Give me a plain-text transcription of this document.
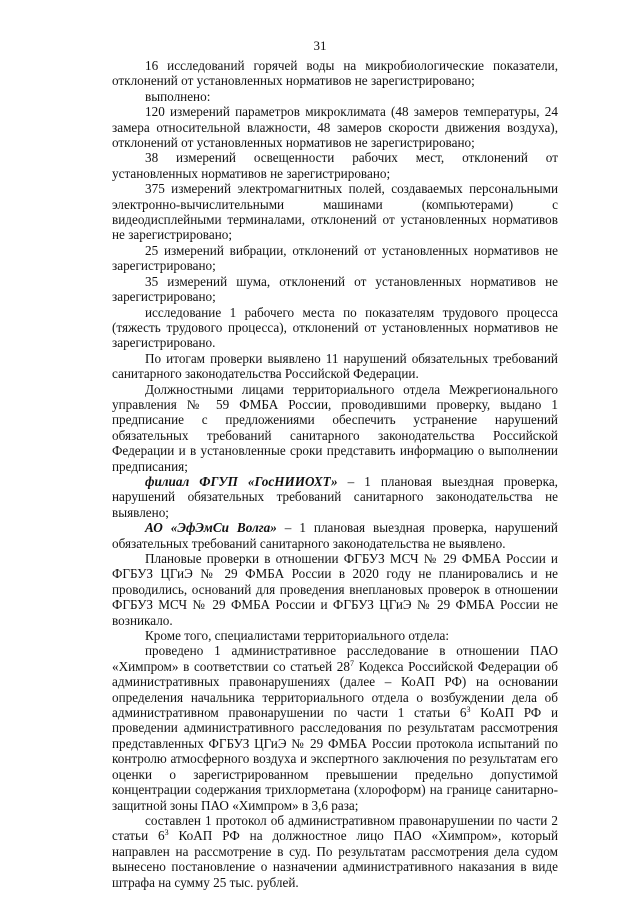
31

16 исследований горячей воды на микробиологические показатели, отклонений от установленных нормативов не зарегистрировано;

выполнено:

120 измерений параметров микроклимата (48 замеров температуры, 24 замера относительной влажности, 48 замеров скорости движения воздуха), отклонений от установленных нормативов не зарегистрировано;

38 измерений освещенности рабочих мест, отклонений от установленных нормативов не зарегистрировано;

375 измерений электромагнитных полей, создаваемых персональными электронно-вычислительными машинами (компьютерами) с видеодисплейными терминалами, отклонений от установленных нормативов не зарегистрировано;

25 измерений вибрации, отклонений от установленных нормативов не зарегистрировано;

35 измерений шума, отклонений от установленных нормативов не зарегистрировано;

исследование 1 рабочего места по показателям трудового процесса (тяжесть трудового процесса), отклонений от установленных нормативов не зарегистрировано.

По итогам проверки выявлено 11 нарушений обязательных требований санитарного законодательства Российской Федерации.

Должностными лицами территориального отдела Межрегионального управления № 59 ФМБА России, проводившими проверку, выдано 1 предписание с предложениями обеспечить устранение нарушений обязательных требований санитарного законодательства Российской Федерации и в установленные сроки представить информацию о выполнении предписания;

филиал ФГУП «ГосНИИОХТ» – 1 плановая выездная проверка, нарушений обязательных требований санитарного законодательства не выявлено;

АО «ЭфЭмСи Волга» – 1 плановая выездная проверка, нарушений обязательных требований санитарного законодательства не выявлено.

Плановые проверки в отношении ФГБУЗ МСЧ № 29 ФМБА России и ФГБУЗ ЦГиЭ № 29 ФМБА России в 2020 году не планировались и не проводились, оснований для проведения внеплановых проверок в отношении ФГБУЗ МСЧ № 29 ФМБА России и ФГБУЗ ЦГиЭ № 29 ФМБА России не возникало.

Кроме того, специалистами территориального отдела:

проведено 1 административное расследование в отношении ПАО «Химпром» в соответствии со статьей $28^7$ Кодекса Российской Федерации об административных правонарушениях (далее – КоАП РФ) на основании определения начальника территориального отдела о возбуждении дела об административном правонарушении по части 1 статьи $6^3$ КоАП РФ и проведении административного расследования по результатам рассмотрения представленных ФГБУЗ ЦГиЭ № 29 ФМБА России протокола испытаний по контролю атмосферного воздуха и экспертного заключения по результатам его оценки о зарегистрированном превышении предельно допустимой концентрации содержания трихлорметана (хлороформ) на границе санитарно-защитной зоны ПАО «Химпром» в 3,6 раза;

составлен 1 протокол об административном правонарушении по части 2 статьи $6^3$ КоАП РФ на должностное лицо ПАО «Химпром», который направлен на рассмотрение в суд. По результатам рассмотрения дела судом вынесено постановление о назначении административного наказания в виде штрафа на сумму 25 тыс. рублей.
